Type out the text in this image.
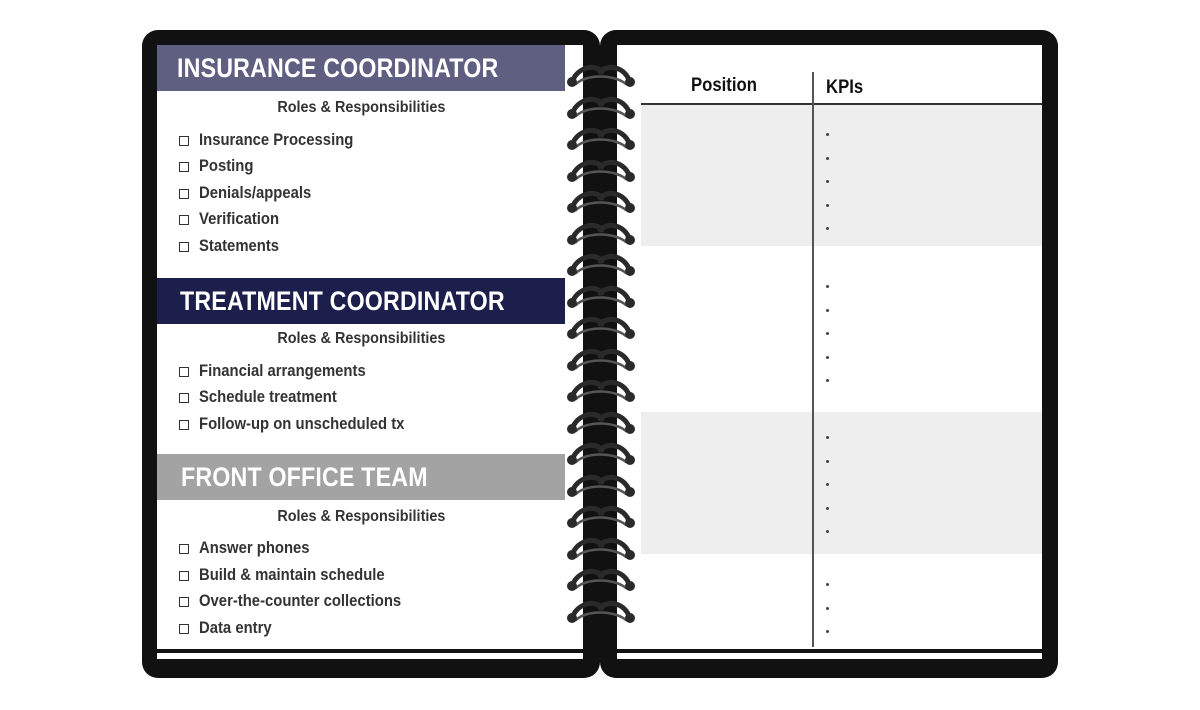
INSURANCE COORDINATOR
Roles & Responsibilities
Insurance Processing
Posting
Denials/appeals
Verification
Statements
TREATMENT COORDINATOR
Roles & Responsibilities
Financial arrangements
Schedule treatment
Follow-up on unscheduled tx
FRONT OFFICE TEAM
Roles & Responsibilities
Answer phones
Build & maintain schedule
Over-the-counter collections
Data entry
Position	KPIs
